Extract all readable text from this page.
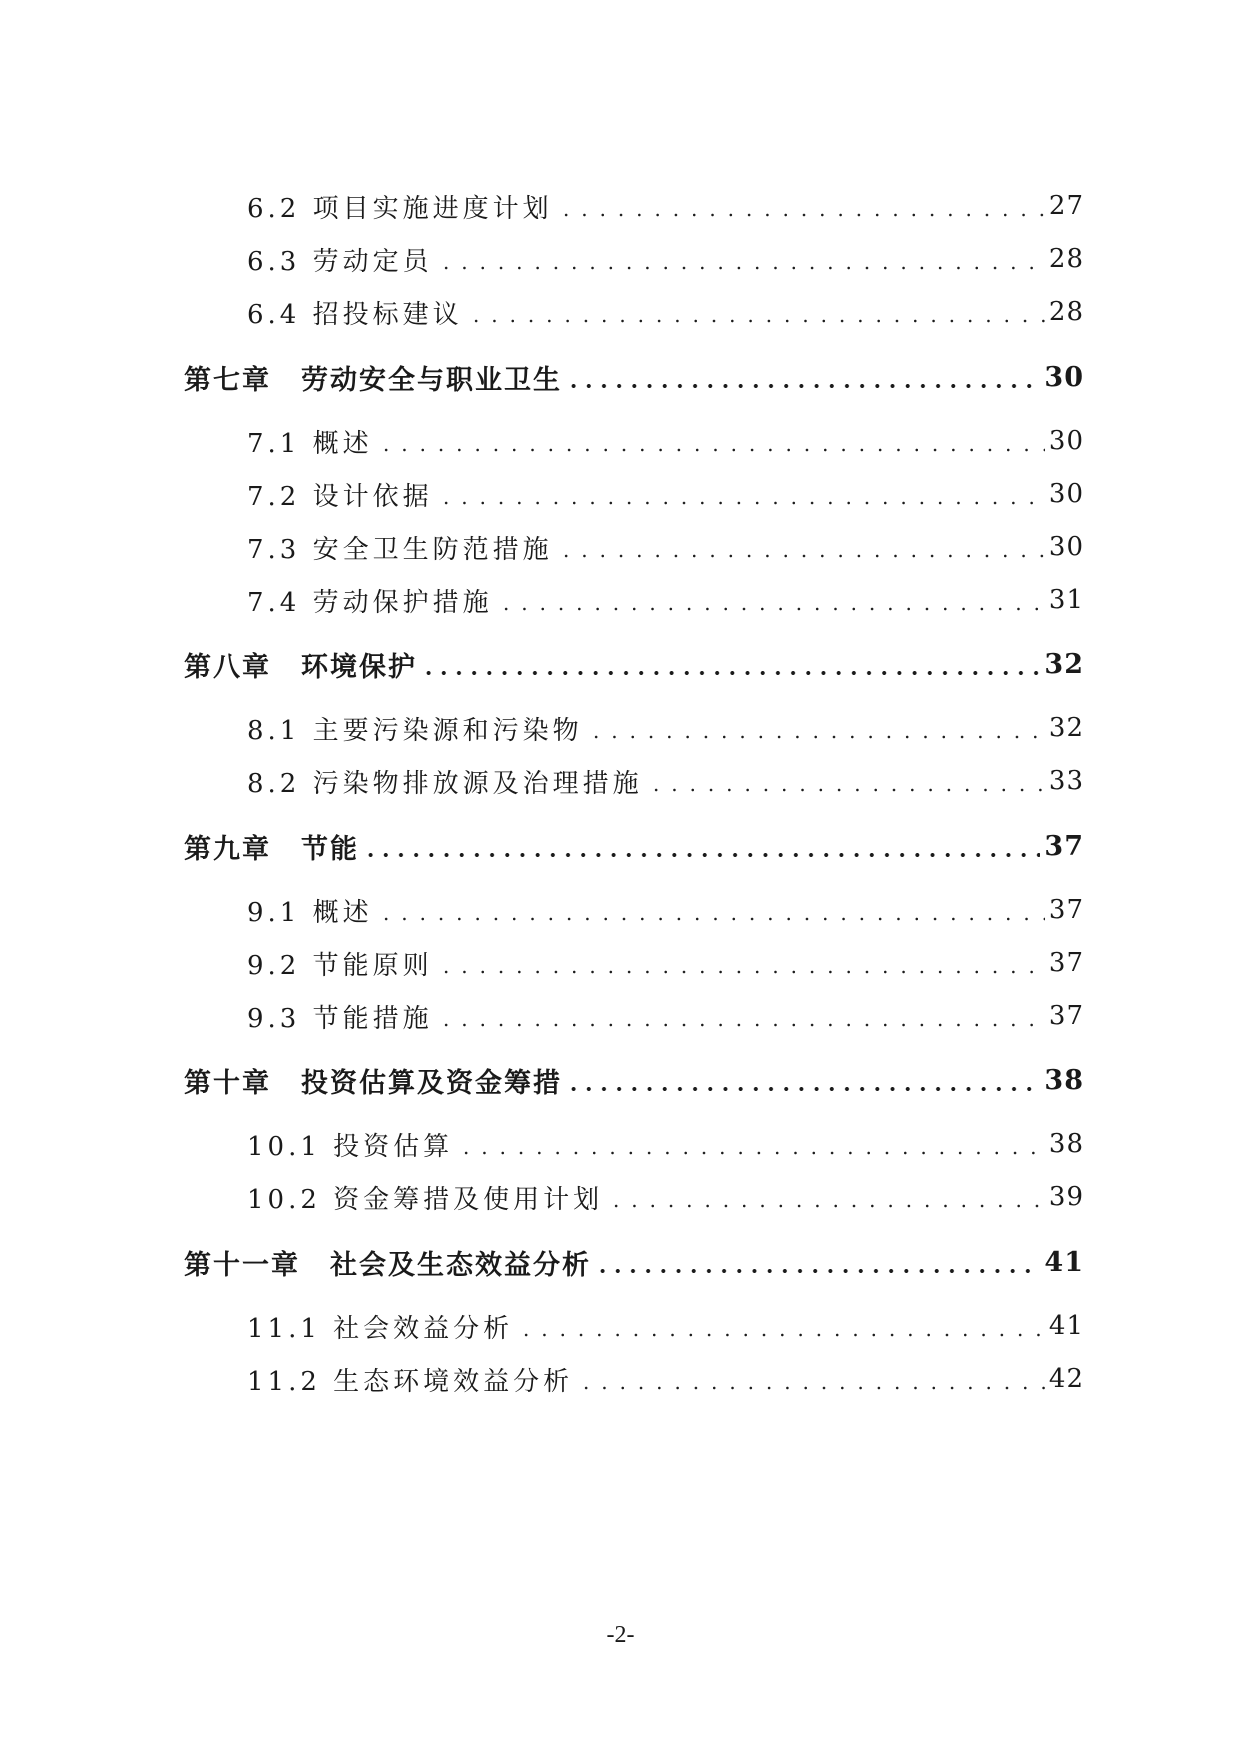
6.2 项目实施进度计划	27
6.3 劳动定员	28
6.4 招投标建议	28
第七章 劳动安全与职业卫生	30
7.1 概述	30
7.2 设计依据	30
7.3 安全卫生防范措施	30
7.4 劳动保护措施	31
第八章 环境保护	32
8.1 主要污染源和污染物	32
8.2 污染物排放源及治理措施	33
第九章 节能	37
9.1 概述	37
9.2 节能原则	37
9.3 节能措施	37
第十章 投资估算及资金筹措	38
10.1 投资估算	38
10.2 资金筹措及使用计划	39
第十一章 社会及生态效益分析	41
11.1 社会效益分析	41
11.2 生态环境效益分析	42
-2-
